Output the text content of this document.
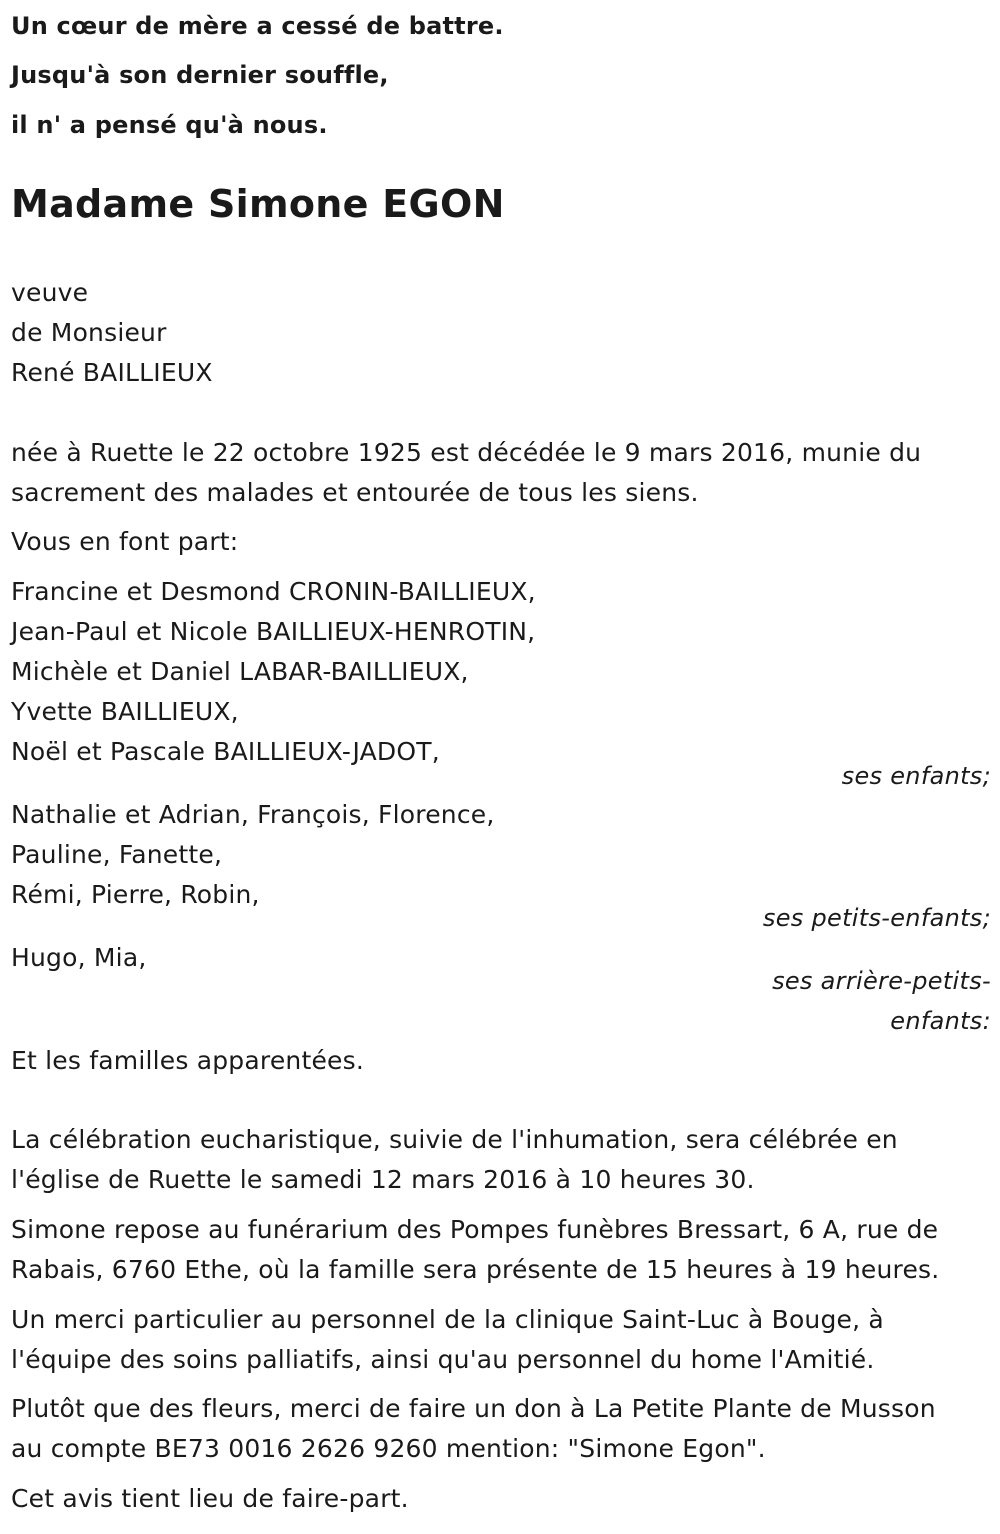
Un cœur de mère a cessé de battre.
Jusqu'à son dernier souffle,
il n' a pensé qu'à nous.
Madame Simone EGON
veuve
de Monsieur
René BAILLIEUX
née à Ruette le 22 octobre 1925 est décédée le 9 mars 2016, munie du
sacrement des malades et entourée de tous les siens.
Vous en font part:
Francine et Desmond CRONIN-BAILLIEUX,
Jean-Paul et Nicole BAILLIEUX-HENROTIN,
Michèle et Daniel LABAR-BAILLIEUX,
Yvette BAILLIEUX,
Noël et Pascale BAILLIEUX-JADOT,
ses enfants;
Nathalie et Adrian, François, Florence,
Pauline, Fanette,
Rémi, Pierre, Robin,
ses petits-enfants;
Hugo, Mia,
ses arrière-petits-
enfants:
Et les familles apparentées.
La célébration eucharistique, suivie de l'inhumation, sera célébrée en
l'église de Ruette le samedi 12 mars 2016 à 10 heures 30.
Simone repose au funérarium des Pompes funèbres Bressart, 6 A, rue de
Rabais, 6760 Ethe, où la famille sera présente de 15 heures à 19 heures.
Un merci particulier au personnel de la clinique Saint-Luc à Bouge, à
l'équipe des soins palliatifs, ainsi qu'au personnel du home l'Amitié.
Plutôt que des fleurs, merci de faire un don à La Petite Plante de Musson
au compte BE73 0016 2626 9260 mention: "Simone Egon".
Cet avis tient lieu de faire-part.
